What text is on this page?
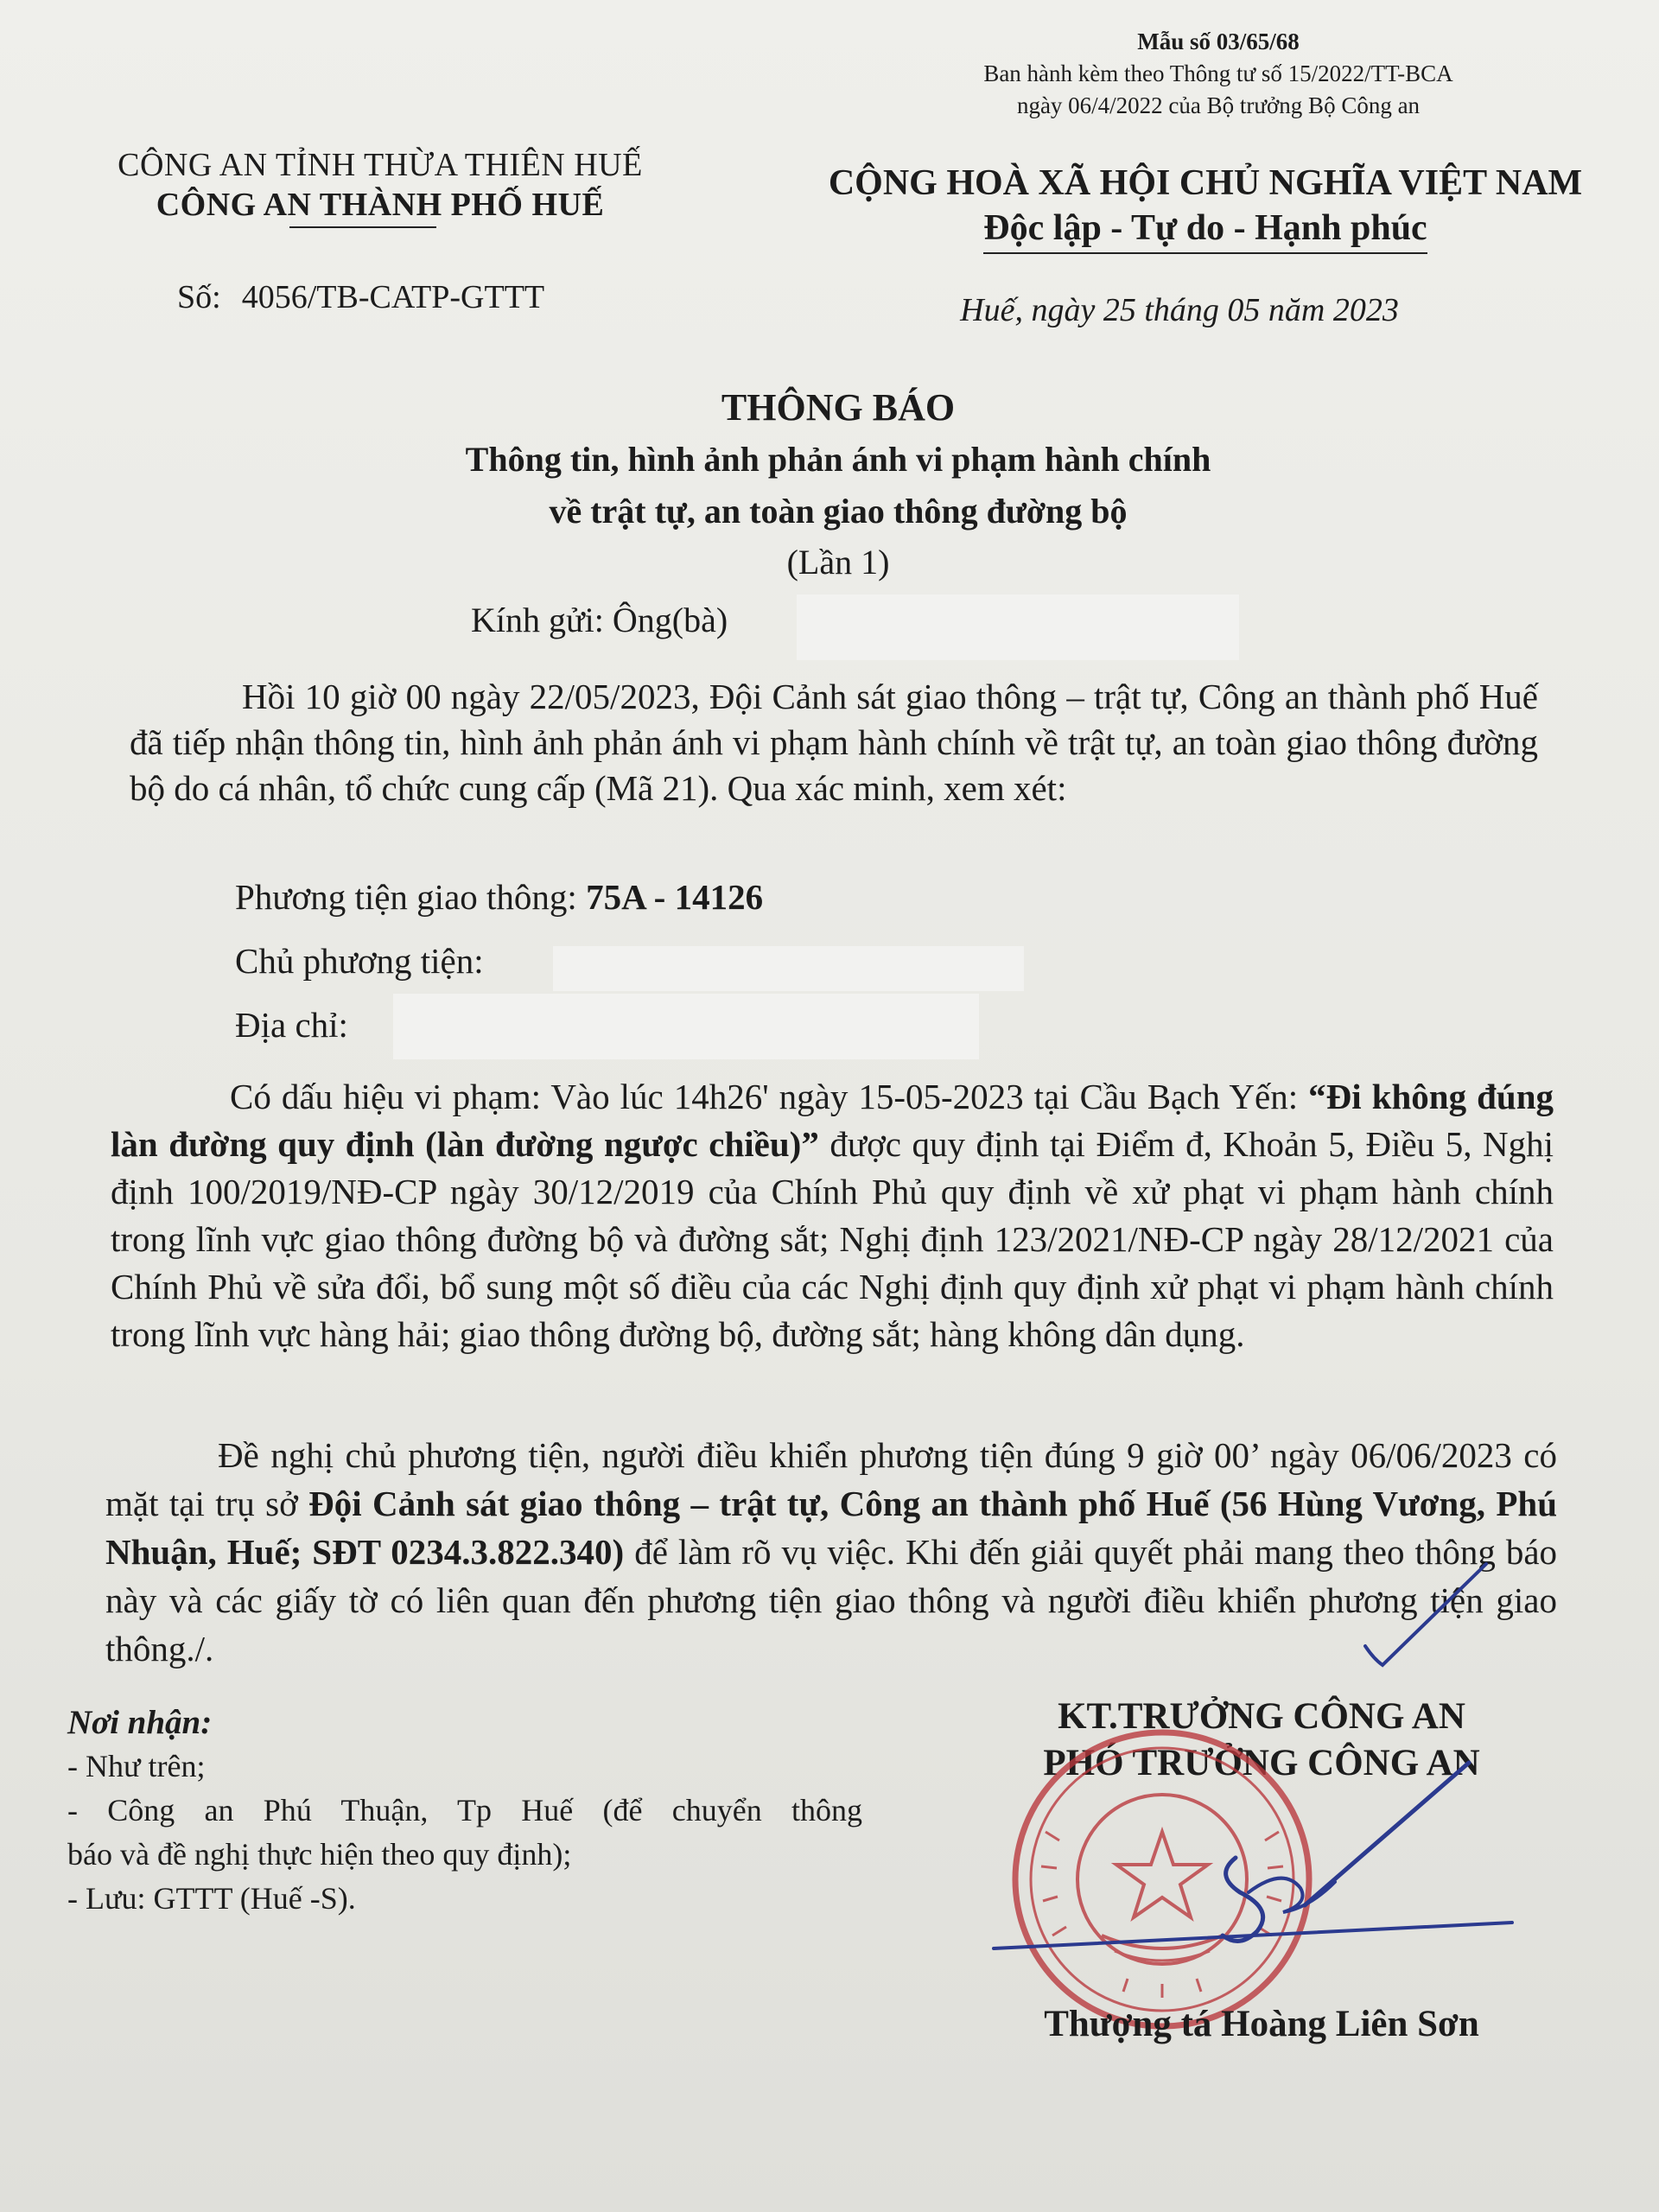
Mẫu số 03/65/68
Ban hành kèm theo Thông tư số 15/2022/TT-BCA
ngày 06/4/2022 của Bộ trưởng Bộ Công an
CÔNG AN TỈNH THỪA THIÊN HUẾ
CÔNG AN THÀNH PHỐ HUẾ
Số: 4056/TB-CATP-GTTT
CỘNG HOÀ XÃ HỘI CHỦ NGHĨA VIỆT NAM
Độc lập - Tự do - Hạnh phúc
Huế, ngày 25 tháng 05 năm 2023
THÔNG BÁO
Thông tin, hình ảnh phản ánh vi phạm hành chính
về trật tự, an toàn giao thông đường bộ
(Lần 1)
Kính gửi: Ông(bà)
Hồi 10 giờ 00 ngày 22/05/2023, Đội Cảnh sát giao thông – trật tự, Công an thành phố Huế đã tiếp nhận thông tin, hình ảnh phản ánh vi phạm hành chính về trật tự, an toàn giao thông đường bộ do cá nhân, tổ chức cung cấp (Mã 21). Qua xác minh, xem xét:
Phương tiện giao thông: 75A - 14126
Chủ phương tiện:
Địa chỉ:
Có dấu hiệu vi phạm: Vào lúc 14h26' ngày 15-05-2023 tại Cầu Bạch Yến: “Đi không đúng làn đường quy định (làn đường ngược chiều)” được quy định tại Điểm đ, Khoản 5, Điều 5, Nghị định 100/2019/NĐ-CP ngày 30/12/2019 của Chính Phủ quy định về xử phạt vi phạm hành chính trong lĩnh vực giao thông đường bộ và đường sắt; Nghị định 123/2021/NĐ-CP ngày 28/12/2021 của Chính Phủ về sửa đổi, bổ sung một số điều của các Nghị định quy định xử phạt vi phạm hành chính trong lĩnh vực hàng hải; giao thông đường bộ, đường sắt; hàng không dân dụng.
Đề nghị chủ phương tiện, người điều khiển phương tiện đúng 9 giờ 00’ ngày 06/06/2023 có mặt tại trụ sở Đội Cảnh sát giao thông – trật tự, Công an thành phố Huế (56 Hùng Vương, Phú Nhuận, Huế; SĐT 0234.3.822.340) để làm rõ vụ việc. Khi đến giải quyết phải mang theo thông báo này và các giấy tờ có liên quan đến phương tiện giao thông và người điều khiển phương tiện giao thông./.
Nơi nhận:
- Như trên;
- Công an Phú Thuận, Tp Huế (để chuyển thông
báo và đề nghị thực hiện theo quy định);
- Lưu: GTTT (Huế -S).
KT.TRƯỞNG CÔNG AN
PHÓ TRƯỞNG CÔNG AN
Thượng tá Hoàng Liên Sơn
